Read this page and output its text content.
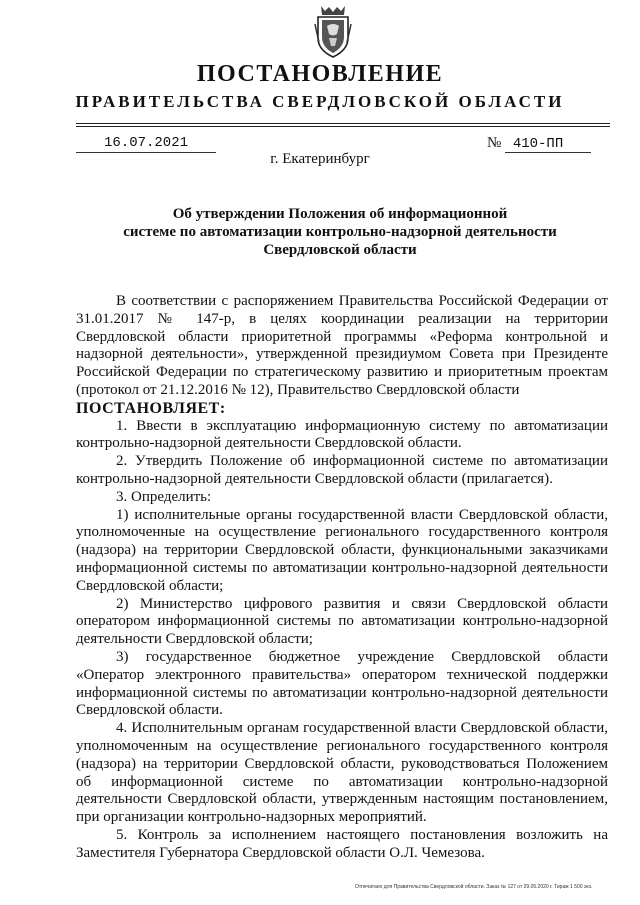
ПОСТАНОВЛЕНИЕ
ПРАВИТЕЛЬСТВА СВЕРДЛОВСКОЙ ОБЛАСТИ
16.07.2021	№ 410-ПП
г. Екатеринбург
Об утверждении Положения об информационной
системе по автоматизации контрольно-надзорной деятельности
Свердловской области

В соответствии с распоряжением Правительства Российской Федерации от 31.01.2017 № 147-р, в целях координации реализации на территории Свердловской области приоритетной программы «Реформа контрольной и надзорной деятельности», утвержденной президиумом Совета при Президенте Российской Федерации по стратегическому развитию и приоритетным проектам (протокол от 21.12.2016 № 12), Правительство Свердловской области

ПОСТАНОВЛЯЕТ:

1. Ввести в эксплуатацию информационную систему по автоматизации контрольно-надзорной деятельности Свердловской области.

2. Утвердить Положение об информационной системе по автоматизации контрольно-надзорной деятельности Свердловской области (прилагается).

3. Определить:

1) исполнительные органы государственной власти Свердловской области, уполномоченные на осуществление регионального государственного контроля (надзора) на территории Свердловской области, функциональными заказчиками информационной системы по автоматизации контрольно-надзорной деятельности Свердловской области;

2) Министерство цифрового развития и связи Свердловской области оператором информационной системы по автоматизации контрольно-надзорной деятельности Свердловской области;

3) государственное бюджетное учреждение Свердловской области «Оператор электронного правительства» оператором технической поддержки информационной системы по автоматизации контрольно-надзорной деятельности Свердловской области.

4. Исполнительным органам государственной власти Свердловской области, уполномоченным на осуществление регионального государственного контроля (надзора) на территории Свердловской области, руководствоваться Положением об информационной системе по автоматизации контрольно-надзорной деятельности Свердловской области, утвержденным настоящим постановлением, при организации контрольно-надзорных мероприятий.

5. Контроль за исполнением настоящего постановления возложить на Заместителя Губернатора Свердловской области О.Л. Чемезова.

Отпечатано для Правительства Свердловской области. Заказ № 127 от 29.05.2020 г. Тираж 1 500 экз.
